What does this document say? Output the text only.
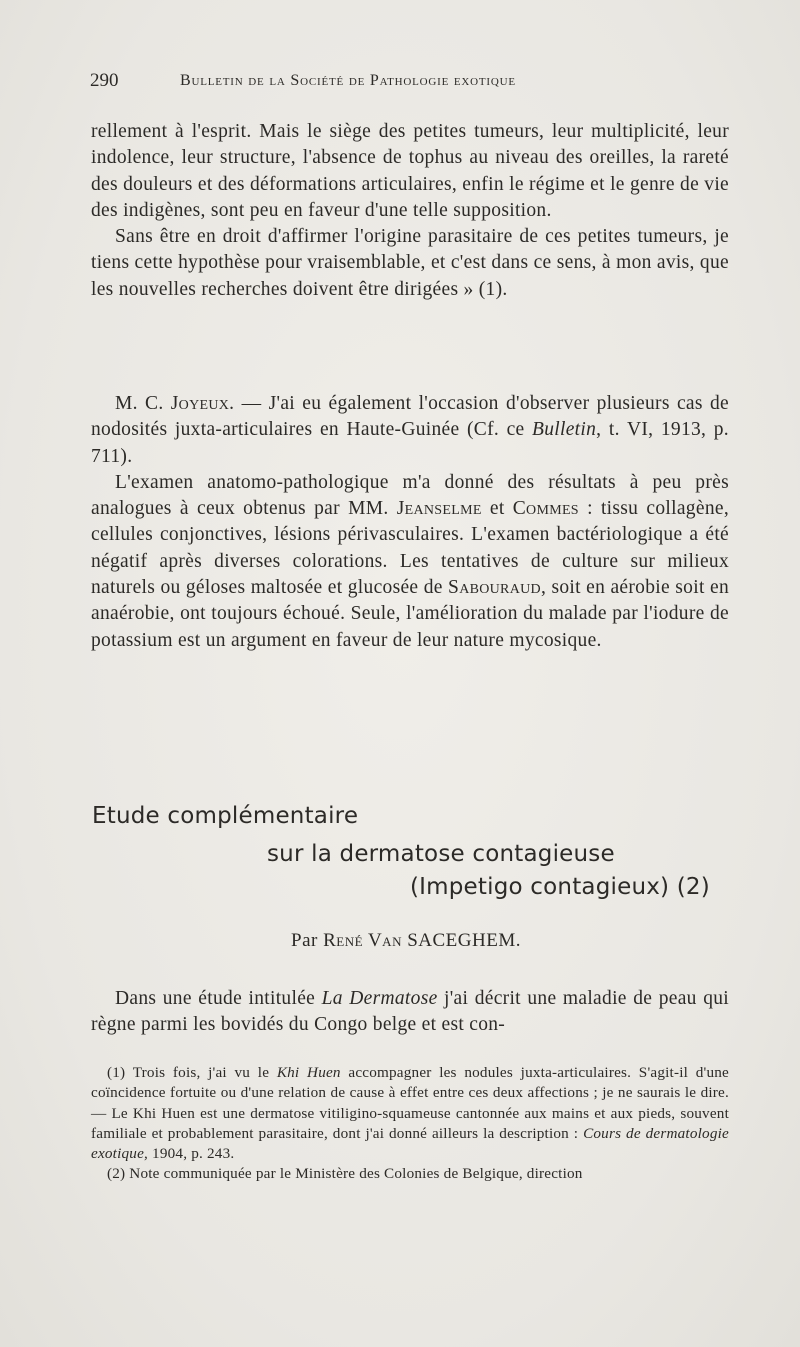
290	Bulletin de la Société de Pathologie exotique

rellement à l'esprit. Mais le siège des petites tumeurs, leur multiplicité, leur indolence, leur structure, l'absence de tophus au niveau des oreilles, la rareté des douleurs et des déformations articulaires, enfin le régime et le genre de vie des indigènes, sont peu en faveur d'une telle supposition.

Sans être en droit d'affirmer l'origine parasitaire de ces petites tumeurs, je tiens cette hypothèse pour vraisemblable, et c'est dans ce sens, à mon avis, que les nouvelles recherches doivent être dirigées » (1).

M. C. Joyeux. — J'ai eu également l'occasion d'observer plusieurs cas de nodosités juxta-articulaires en Haute-Guinée (Cf. ce Bulletin, t. VI, 1913, p. 711).

L'examen anatomo-pathologique m'a donné des résultats à peu près analogues à ceux obtenus par MM. Jeanselme et Commes : tissu collagène, cellules conjonctives, lésions périvasculaires. L'examen bactériologique a été négatif après diverses colorations. Les tentatives de culture sur milieux naturels ou géloses maltosée et glucosée de Sabouraud, soit en aérobie soit en anaérobie, ont toujours échoué. Seule, l'amélioration du malade par l'iodure de potassium est un argument en faveur de leur nature mycosique.

Etude complémentaire
sur la dermatose contagieuse
(Impetigo contagieux) (2)
Par René Van SACEGHEM.

Dans une étude intitulée La Dermatose j'ai décrit une maladie de peau qui règne parmi les bovidés du Congo belge et est con-

(1) Trois fois, j'ai vu le Khi Huen accompagner les nodules juxta-articulaires. S'agit-il d'une coïncidence fortuite ou d'une relation de cause à effet entre ces deux affections ; je ne saurais le dire. — Le Khi Huen est une dermatose vitiligino-squameuse cantonnée aux mains et aux pieds, souvent familiale et probablement parasitaire, dont j'ai donné ailleurs la description : Cours de dermatologie exotique, 1904, p. 243.

(2) Note communiquée par le Ministère des Colonies de Belgique, direction
